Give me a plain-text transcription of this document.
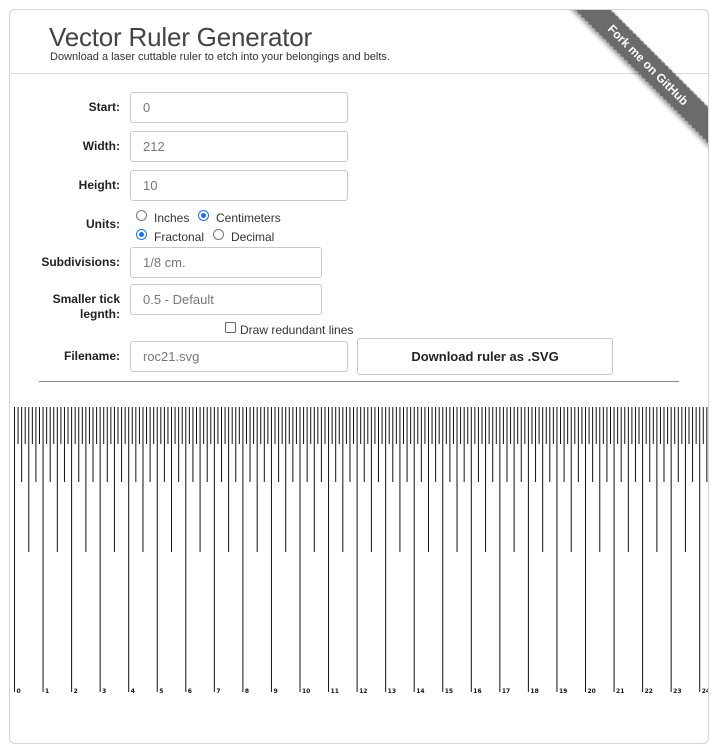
Vector Ruler Generator

Download a laser cuttable ruler to etch into your belongings and belts.	Fork me on GitHub
Start:	0
Width:	212
Height:	10
Units:	Inches Centimeters
Fractonal Decimal
Subdivisions:	1/8 cm.
Smaller tick
legnth:
0.5 - Default
Draw redundant lines
Filename:	roc21.svg	Download ruler as .SVG
0	1	2	3	4	5	6	7	8	9	10	11	12	13	14	15	16	17	18	19	20	21	22	23	24
